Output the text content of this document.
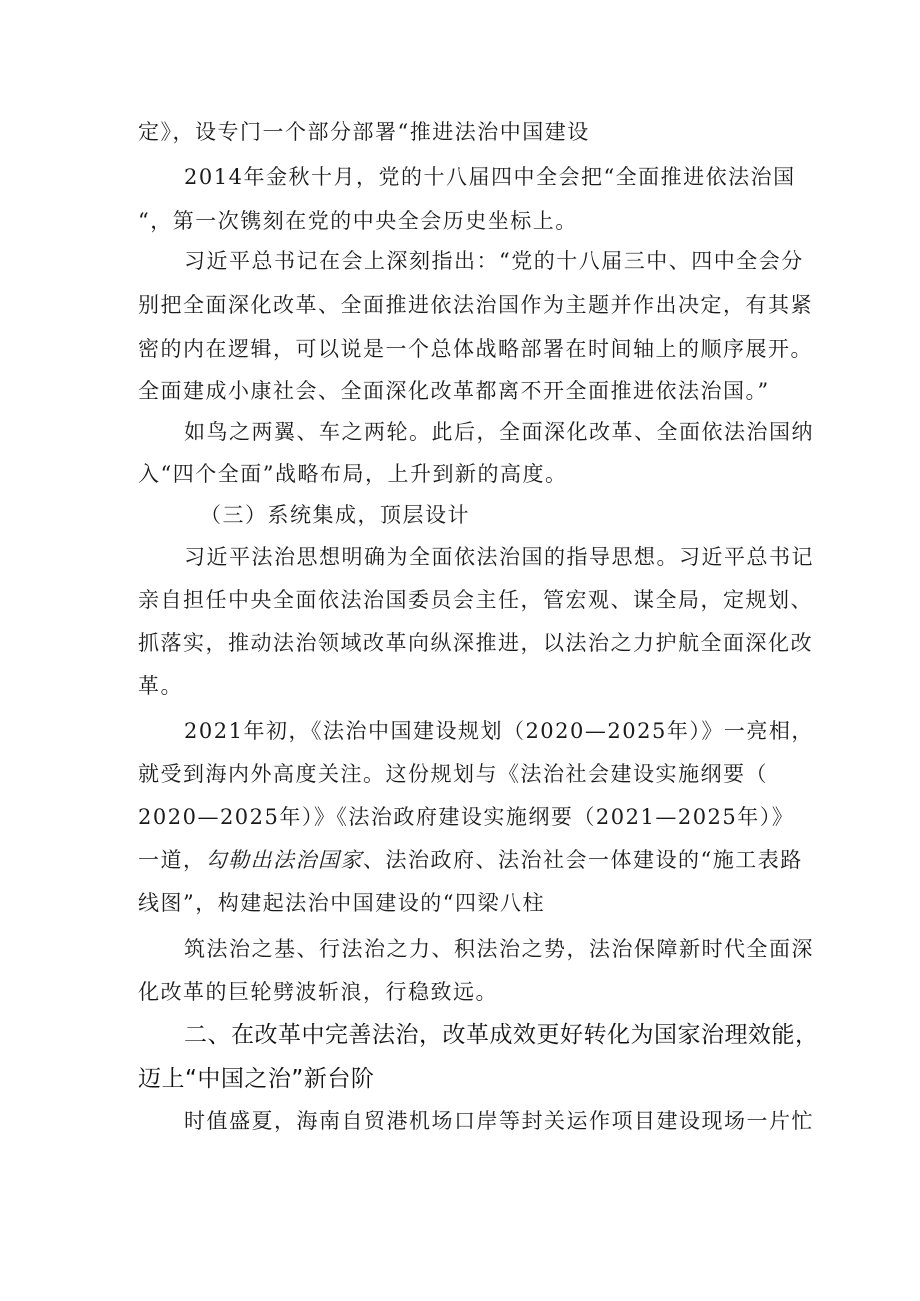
定》，设专门一个部分部署“推进法治中国建设
2014年金秋十月，党的十八届四中全会把“全面推进依法治国
“，第一次镌刻在党的中央全会历史坐标上。
习近平总书记在会上深刻指出：“党的十八届三中、四中全会分
别把全面深化改革、全面推进依法治国作为主题并作出决定，有其紧
密的内在逻辑，可以说是一个总体战略部署在时间轴上的顺序展开。
全面建成小康社会、全面深化改革都离不开全面推进依法治国。”
如鸟之两翼、车之两轮。此后，全面深化改革、全面依法治国纳
入“四个全面”战略布局，上升到新的高度。
（三）系统集成，顶层设计
习近平法治思想明确为全面依法治国的指导思想。习近平总书记
亲自担任中央全面依法治国委员会主任，管宏观、谋全局，定规划、
抓落实，推动法治领域改革向纵深推进，以法治之力护航全面深化改
革。
2021年初，《法治中国建设规划（2020—2025年）》一亮相，
就受到海内外高度关注。这份规划与《法治社会建设实施纲要（
2020—2025年）》《法治政府建设实施纲要（2021—2025年）》
一道，勾勒出法治国家、法治政府、法治社会一体建设的“施工表路
线图”，构建起法治中国建设的“四梁八柱
筑法治之基、行法治之力、积法治之势，法治保障新时代全面深
化改革的巨轮劈波斩浪，行稳致远。
二、在改革中完善法治，改革成效更好转化为国家治理效能，
迈上“中国之治”新台阶
时值盛夏，海南自贸港机场口岸等封关运作项目建设现场一片忙
